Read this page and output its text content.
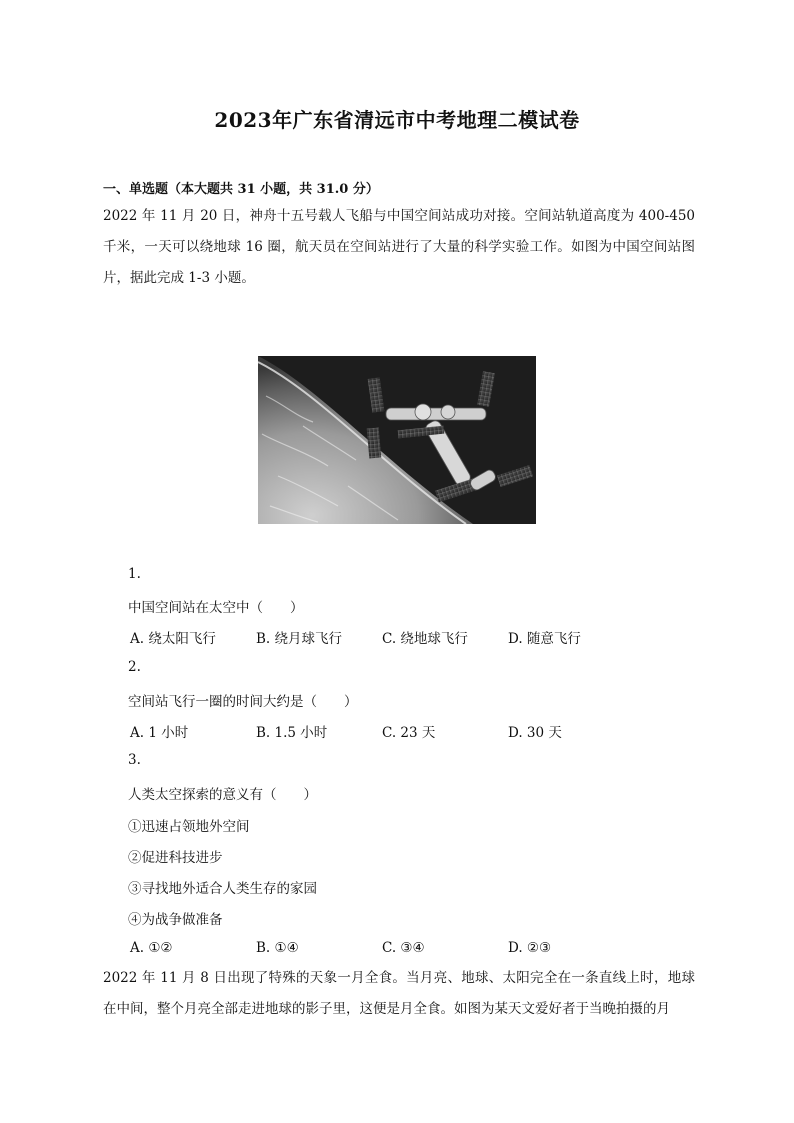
2023年广东省清远市中考地理二模试卷
一、单选题（本大题共 31 小题，共 31.0 分）
2022 年 11 月 20 日，神舟十五号载人飞船与中国空间站成功对接。空间站轨道高度为 400-450 千米，一天可以绕地球 16 圈，航天员在空间站进行了大量的科学实验工作。如图为中国空间站图片，据此完成 1-3 小题。
1.
中国空间站在太空中（　　）
A. 绕太阳飞行	B. 绕月球飞行	C. 绕地球飞行	D. 随意飞行
2.
空间站飞行一圈的时间大约是（　　）
A. 1 小时	B. 1.5 小时	C. 23 天	D. 30 天
3.
人类太空探索的意义有（　　）
①迅速占领地外空间
②促进科技进步
③寻找地外适合人类生存的家园
④为战争做准备
A. ①②	B. ①④	C. ③④	D. ②③
2022 年 11 月 8 日出现了特殊的天象一月全食。当月亮、地球、太阳完全在一条直线上时，地球在中间，整个月亮全部走进地球的影子里，这便是月全食。如图为某天文爱好者于当晚拍摄的月
